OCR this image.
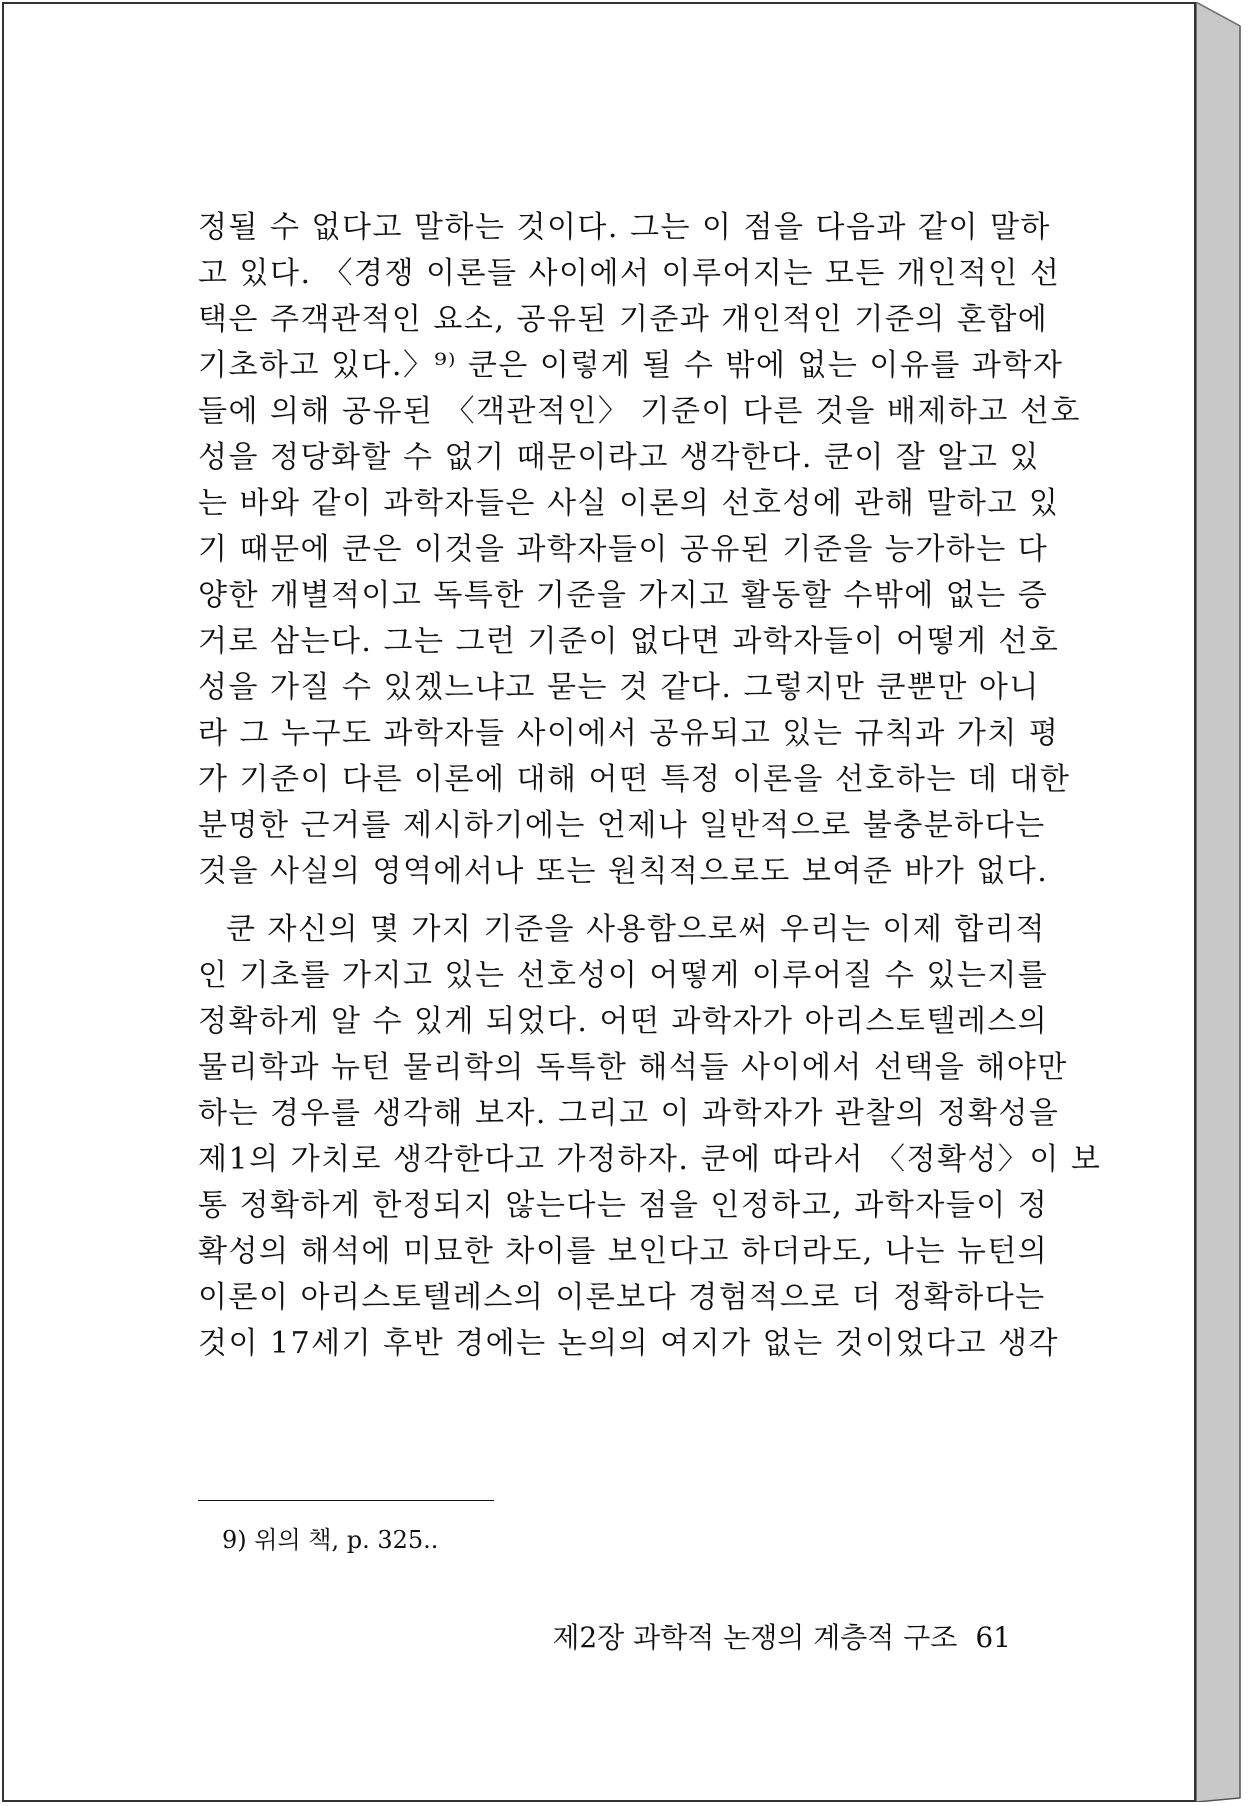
정될 수 없다고 말하는 것이다. 그는 이 점을 다음과 같이 말하

고 있다. 〈경쟁 이론들 사이에서 이루어지는 모든 개인적인 선

택은 주객관적인 요소, 공유된 기준과 개인적인 기준의 혼합에

기초하고 있다.〉⁹⁾ 쿤은 이렇게 될 수 밖에 없는 이유를 과학자

들에 의해 공유된 〈객관적인〉 기준이 다른 것을 배제하고 선호

성을 정당화할 수 없기 때문이라고 생각한다. 쿤이 잘 알고 있

는 바와 같이 과학자들은 사실 이론의 선호성에 관해 말하고 있

기 때문에 쿤은 이것을 과학자들이 공유된 기준을 능가하는 다

양한 개별적이고 독특한 기준을 가지고 활동할 수밖에 없는 증

거로 삼는다. 그는 그런 기준이 없다면 과학자들이 어떻게 선호

성을 가질 수 있겠느냐고 묻는 것 같다. 그렇지만 쿤뿐만 아니

라 그 누구도 과학자들 사이에서 공유되고 있는 규칙과 가치 평

가 기준이 다른 이론에 대해 어떤 특정 이론을 선호하는 데 대한

분명한 근거를 제시하기에는 언제나 일반적으로 불충분하다는

것을 사실의 영역에서나 또는 원칙적으로도 보여준 바가 없다.

쿤 자신의 몇 가지 기준을 사용함으로써 우리는 이제 합리적

인 기초를 가지고 있는 선호성이 어떻게 이루어질 수 있는지를

정확하게 알 수 있게 되었다. 어떤 과학자가 아리스토텔레스의

물리학과 뉴턴 물리학의 독특한 해석들 사이에서 선택을 해야만

하는 경우를 생각해 보자. 그리고 이 과학자가 관찰의 정확성을

제1의 가치로 생각한다고 가정하자. 쿤에 따라서 〈정확성〉이 보

통 정확하게 한정되지 않는다는 점을 인정하고, 과학자들이 정

확성의 해석에 미묘한 차이를 보인다고 하더라도, 나는 뉴턴의

이론이 아리스토텔레스의 이론보다 경험적으로 더 정확하다는

것이 17세기 후반 경에는 논의의 여지가 없는 것이었다고 생각

9) 위의 책, p. 325..

제2장 과학적 논쟁의 계층적 구조 61
